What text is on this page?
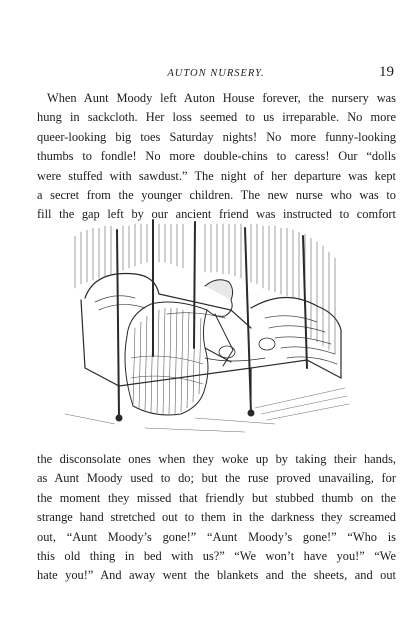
AUTON NURSERY.	19
When Aunt Moody left Auton House forever, the nursery was
hung in sackcloth. Her loss seemed to us irreparable. No more
queer-looking big toes Saturday nights! No more funny-looking
thumbs to fondle! No more double-chins to caress! Our “dolls
were stuffed with sawdust.” The night of her departure was kept
a secret from the younger children. The new nurse who was to
fill the gap left by our ancient friend was instructed to comfort
the disconsolate ones when they woke up by taking their hands,
as Aunt Moody used to do; but the ruse proved unavailing, for
the moment they missed that friendly but stubbed thumb on the
strange hand stretched out to them in the darkness they screamed
out, “Aunt Moody’s gone!” “Aunt Moody’s gone!” “Who is
this old thing in bed with us?” “We won’t have you!” “We
hate you!” And away went the blankets and the sheets, and out
